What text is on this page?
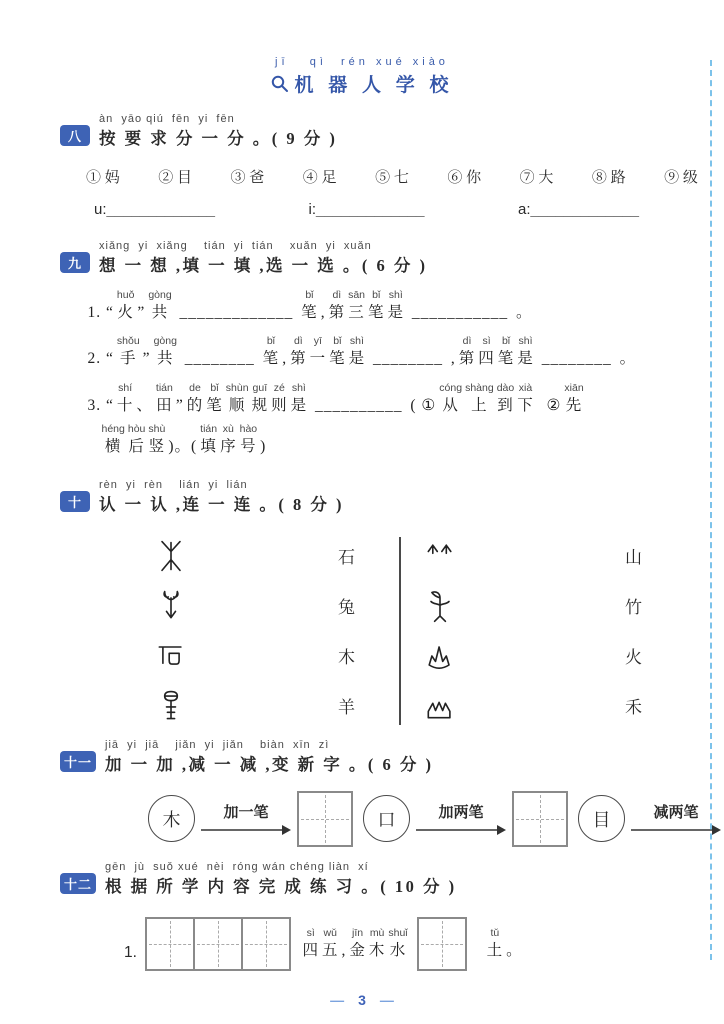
jī   qì  rén xué xiào
机 器 人 学 校
八
àn  yāo qiú  fēn  yi  fēn
按 要 求 分 一 分 。( 9 分 )
① 妈	② 目	③ 爸	④ 足	⑤ 七	⑥ 你	⑦ 大	⑧ 路	⑨ 级
u:_____________	i:_____________	a:_____________
九
xiǎng  yi  xiǎng    tián  yi  tián    xuǎn  yi  xuǎn
想 一 想 ,填 一 填 ,选 一 选 。( 6 分 )
1. “
huǒ
火 ”
gòng
共 _____________
bǐ
笔 ,
dì
第
sān
三
bǐ
笔
shì
是 ___________ 。
2. “
shǒu
手 ”
gòng
共 ________
bǐ
笔 ,
dì
第
yī
一
bǐ
笔
shì
是 ________ ,
dì
第
sì
四
bǐ
笔
shì
是 ________ 。
3. “
shí
十 、
tián
田 ”
de
的
bǐ
笔
shùn
顺
guī
规
zé
则
shì
是 __________ ( ①
cóng
从
shàng
上
dào
到
xià
下 ②
xiān
先
héng
横
hòu
后
shù
竖 )。(
tián
填
xù
序
hào
号 )
十
rèn  yi  rèn    lián  yi  lián
认 一 认 ,连 一 连 。( 8 分 )
石
兔
木
羊
山
竹
火
禾
十一
jiā  yi  jiā    jiǎn  yi  jiǎn    biàn  xīn  zì
加 一 加 ,减 一 减 ,变 新 字 。( 6 分 )
木	加一笔	口	加两笔	目	减两笔
十二
gēn  jù  suǒ xué  nèi  róng wán chéng liàn  xí
根 据 所 学 内 容 完 成 练 习 。( 10 分 )
1.
sì
四
wǔ
五 ,
jīn
金
mù
木
shuǐ
水
tǔ
土 。
— 3 —
